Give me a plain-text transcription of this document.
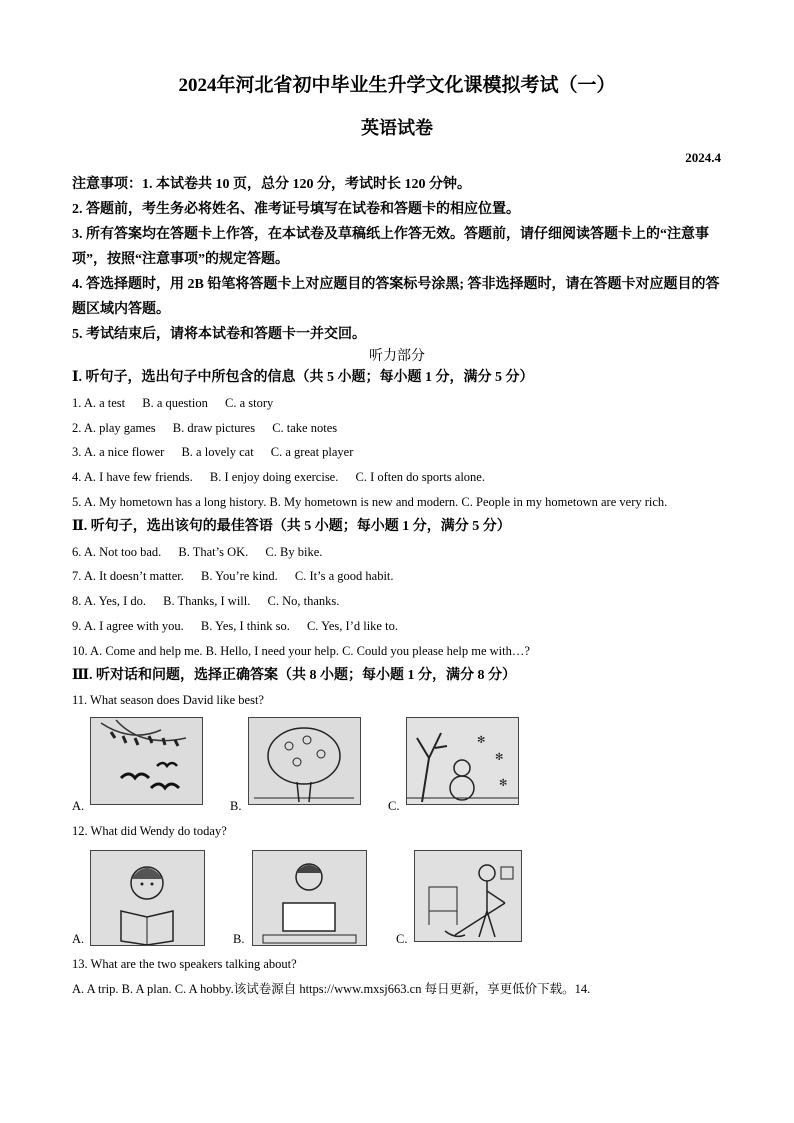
2024年河北省初中毕业生升学文化课模拟考试（一）
英语试卷
2024.4
注意事项：1. 本试卷共 10 页，总分 120 分，考试时长 120 分钟。
2. 答题前，考生务必将姓名、准考证号填写在试卷和答题卡的相应位置。
3. 所有答案均在答题卡上作答，在本试卷及草稿纸上作答无效。答题前，请仔细阅读答题卡上的“注意事项”，按照“注意事项”的规定答题。
4. 答选择题时，用 2B 铅笔将答题卡上对应题目的答案标号涂黑; 答非选择题时，请在答题卡对应题目的答题区域内答题。
5. 考试结束后，请将本试卷和答题卡一并交回。
听力部分
Ⅰ. 听句子，选出句子中所包含的信息（共 5 小题；每小题 1 分，满分 5 分）
1. A. a test B. a question C. a story
2. A. play games B. draw pictures C. take notes
3. A. a nice flower B. a lovely cat C. a great player
4. A. I have few friends. B. I enjoy doing exercise. C. I often do sports alone.
5. A. My hometown has a long history. B. My hometown is new and modern. C. People in my hometown are very rich.
Ⅱ. 听句子，选出该句的最佳答语（共 5 小题；每小题 1 分，满分 5 分）
6. A. Not too bad. B. That’s OK. C. By bike.
7. A. It doesn’t matter. B. You’re kind. C. It’s a good habit.
8. A. Yes, I do. B. Thanks, I will. C. No, thanks.
9. A. I agree with you. B. Yes, I think so. C. Yes, I’d like to.
10. A. Come and help me. B. Hello, I need your help. C. Could you please help me with…?
Ⅲ. 听对话和问题，选择正确答案（共 8 小题；每小题 1 分，满分 8 分）
11. What season does David like best?
A.	B.	C.
✻
✻
✻
12. What did Wendy do today?
A.	B.	C.
13. What are the two speakers talking about?
A. A trip. B. A plan. C. A hobby.该试卷源自 https://www.mxsj663.cn 每日更新，享更低价下载。14.
